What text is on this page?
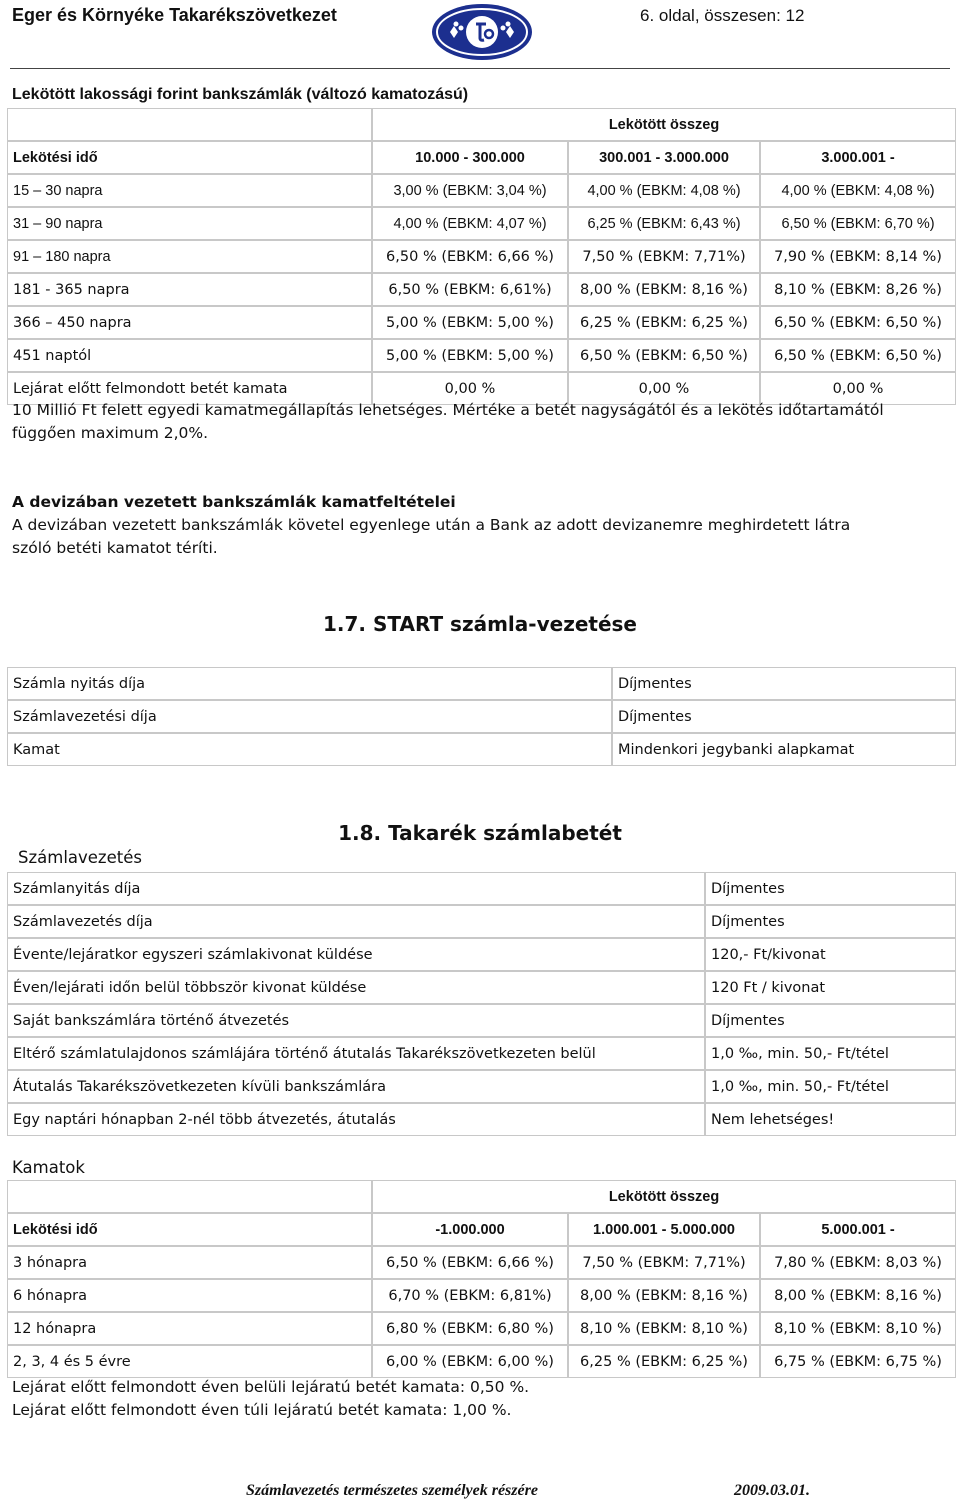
Eger és Környéke Takarékszövetkezet	6. oldal, összesen: 12
Lekötött lakossági forint bankszámlák (változó kamatozású)
	Lekötött összeg		
Lekötési idő	10.000 - 300.000	300.001 - 3.000.000	3.000.001 -
15 – 30 napra	3,00 % (EBKM: 3,04 %)	4,00 % (EBKM: 4,08 %)	4,00 % (EBKM: 4,08 %)
31 – 90 napra	4,00 % (EBKM: 4,07 %)	6,25 % (EBKM: 6,43 %)	6,50 % (EBKM: 6,70 %)
91 – 180 napra	6,50 % (EBKM: 6,66 %)	7,50 % (EBKM: 7,71%)	7,90 % (EBKM: 8,14 %)
181 - 365 napra	6,50 % (EBKM: 6,61%)	8,00 % (EBKM: 8,16 %)	8,10 % (EBKM: 8,26 %)
366 – 450 napra	5,00 % (EBKM: 5,00 %)	6,25 % (EBKM: 6,25 %)	6,50 % (EBKM: 6,50 %)
451 naptól	5,00 % (EBKM: 5,00 %)	6,50 % (EBKM: 6,50 %)	6,50 % (EBKM: 6,50 %)
Lejárat előtt felmondott betét kamata	0,00 %	0,00 %	0,00 %
10 Millió Ft felett egyedi kamatmegállapítás lehetséges. Mértéke a betét nagyságától és a lekötés időtartamától függően maximum 2,0%.
A devizában vezetett bankszámlák kamatfeltételei
A devizában vezetett bankszámlák követel egyenlege után a Bank az adott devizanemre meghirdetett látra szóló betéti kamatot téríti.
1.7. START számla-vezetése
Számla nyitás díja	Díjmentes
Számlavezetési díja	Díjmentes
Kamat	Mindenkori jegybanki alapkamat
1.8. Takarék számlabetét
Számlavezetés
Számlanyitás díja	Díjmentes
Számlavezetés díja	Díjmentes
Évente/lejáratkor egyszeri számlakivonat küldése	120,- Ft/kivonat
Éven/lejárati időn belül többször kivonat küldése	120 Ft / kivonat
Saját bankszámlára történő átvezetés	Díjmentes
Eltérő számlatulajdonos számlájára történő átutalás Takarékszövetkezeten belül	1,0 ‰, min. 50,- Ft/tétel
Átutalás Takarékszövetkezeten kívüli bankszámlára	1,0 ‰, min. 50,- Ft/tétel
Egy naptári hónapban 2-nél több átvezetés, átutalás	Nem lehetséges!
Kamatok
	Lekötött összeg		
Lekötési idő	-1.000.000	1.000.001 - 5.000.000	5.000.001 -
3 hónapra	6,50 % (EBKM: 6,66 %)	7,50 % (EBKM: 7,71%)	7,80 % (EBKM: 8,03 %)
6 hónapra	6,70 % (EBKM: 6,81%)	8,00 % (EBKM: 8,16 %)	8,00 % (EBKM: 8,16 %)
12 hónapra	6,80 % (EBKM: 6,80 %)	8,10 % (EBKM: 8,10 %)	8,10 % (EBKM: 8,10 %)
2, 3, 4 és 5 évre	6,00 % (EBKM: 6,00 %)	6,25 % (EBKM: 6,25 %)	6,75 % (EBKM: 6,75 %)
Lejárat előtt felmondott éven belüli lejáratú betét kamata: 0,50 %.
Lejárat előtt felmondott éven túli lejáratú betét kamata: 1,00 %.
Számlavezetés természetes személyek részére	2009.03.01.
